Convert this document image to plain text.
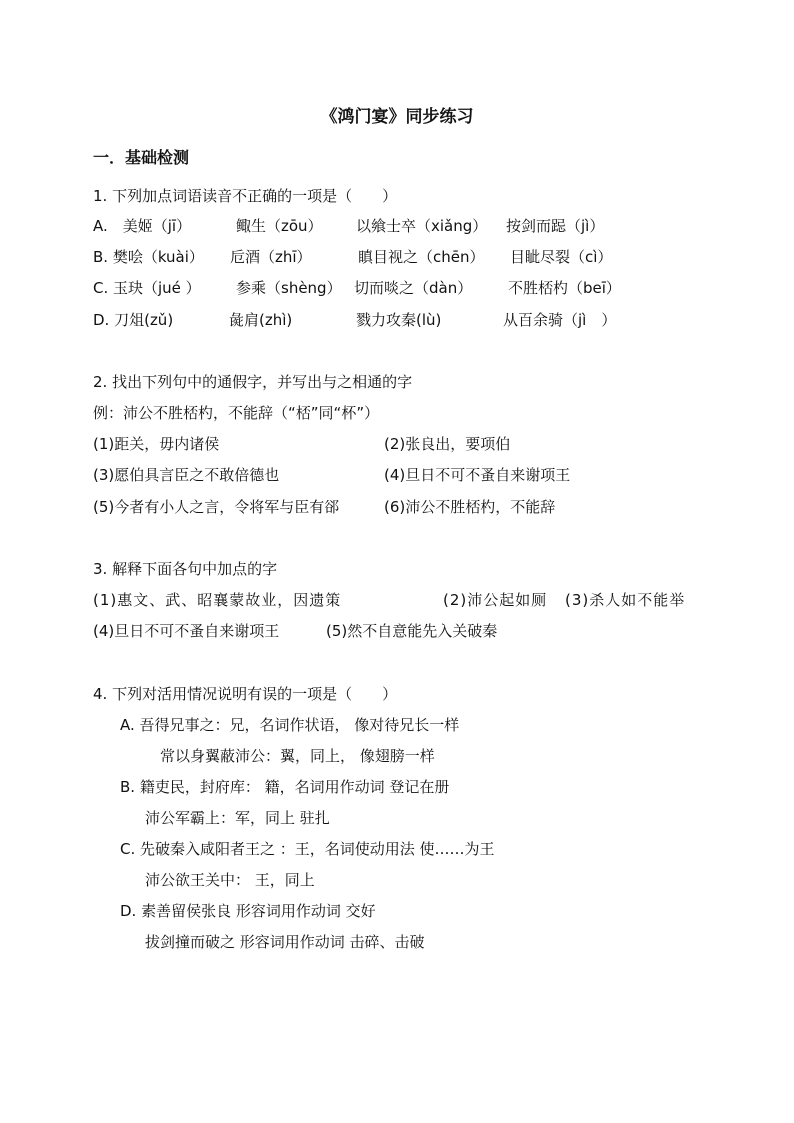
《鸿门宴》同步练习
一．基础检测
1. 下列加点词语读音不正确的一项是（　　）
A.　美姬（jī）	鲰生（zōu） 以飨士卒（xiǎng） 按剑而跽（jì）
B. 樊哙（kuài） 卮酒（zhī）	瞋目视之（chēn） 目眦尽裂（cì）
C. 玉玦（jué ） 参乘（shèng） 切而啖之（dàn） 不胜桮杓（beī）
D. 刀俎(zǔ)	彘肩(zhì)	戮力攻秦(lù)	从百余骑（jì　）
2. 找出下列句中的通假字，并写出与之相通的字
例：沛公不胜桮杓，不能辞（“桮”同“杯”）
(1)距关，毋内诸侯	(2)张良出，要项伯
(3)愿伯具言臣之不敢倍德也	(4)旦日不可不蚤自来谢项王
(5)今者有小人之言，令将军与臣有郤	(6)沛公不胜桮杓，不能辞
3. 解释下面各句中加点的字
(1)惠文、武、昭襄蒙故业，因遗策	(2)沛公起如厕 (3)杀人如不能举
(4)旦日不可不蚤自来谢项王	(5)然不自意能先入关破秦
4. 下列对活用情况说明有误的一项是（　　）
A. 吾得兄事之：兄，名词作状语， 像对待兄长一样
常以身翼蔽沛公：翼，同上， 像翅膀一样
B. 籍吏民，封府库： 籍，名词用作动词 登记在册
沛公军霸上：军，同上 驻扎
C. 先破秦入咸阳者王之 ：王，名词使动用法 使……为王
沛公欲王关中： 王，同上
D. 素善留侯张良 形容词用作动词 交好
拔剑撞而破之 形容词用作动词 击碎、击破
